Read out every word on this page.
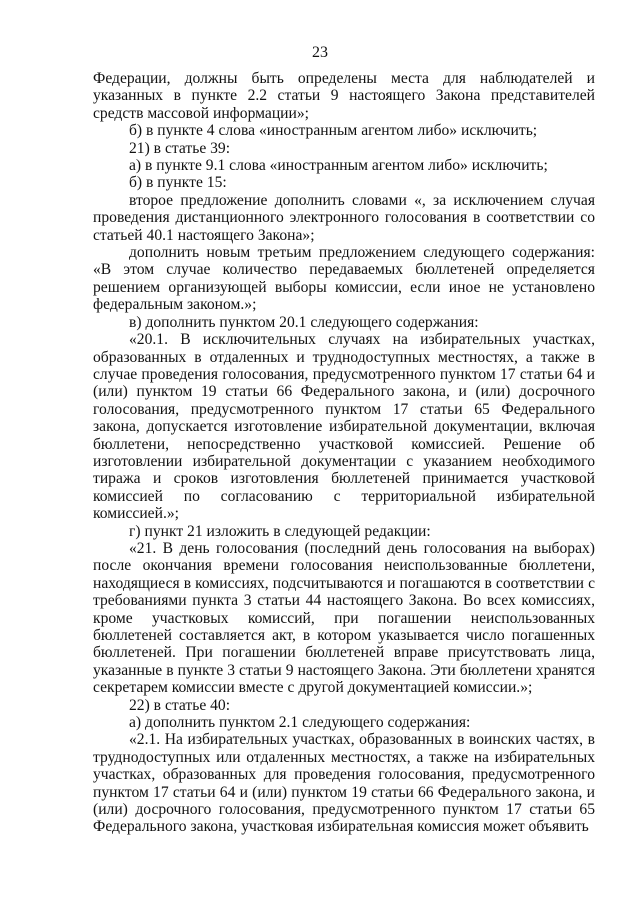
23

Федерации, должны быть определены места для наблюдателей и указанных в пункте 2.2 статьи 9 настоящего Закона представителей средств массовой информации»;

б) в пункте 4 слова «иностранным агентом либо» исключить;

21) в статье 39:

а) в пункте 9.1 слова «иностранным агентом либо» исключить;

б) в пункте 15:

второе предложение дополнить словами «, за исключением случая проведения дистанционного электронного голосования в соответствии со статьей 40.1 настоящего Закона»;

дополнить новым третьим предложением следующего содержания: «В этом случае количество передаваемых бюллетеней определяется решением организующей выборы комиссии, если иное не установлено федеральным законом.»;

в) дополнить пунктом 20.1 следующего содержания:

«20.1. В исключительных случаях на избирательных участках, образованных в отдаленных и труднодоступных местностях, а также в случае проведения голосования, предусмотренного пунктом 17 статьи 64 и (или) пунктом 19 статьи 66 Федерального закона, и (или) досрочного голосования, предусмотренного пунктом 17 статьи 65 Федерального закона, допускается изготовление избирательной документации, включая бюллетени, непосредственно участковой комиссией. Решение об изготовлении избирательной документации с указанием необходимого тиража и сроков изготовления бюллетеней принимается участковой комиссией по согласованию с территориальной избирательной комиссией.»;

г) пункт 21 изложить в следующей редакции:

«21. В день голосования (последний день голосования на выборах) после окончания времени голосования неиспользованные бюллетени, находящиеся в комиссиях, подсчитываются и погашаются в соответствии с требованиями пункта 3 статьи 44 настоящего Закона. Во всех комиссиях, кроме участковых комиссий, при погашении неиспользованных бюллетеней составляется акт, в котором указывается число погашенных бюллетеней. При погашении бюллетеней вправе присутствовать лица, указанные в пункте 3 статьи 9 настоящего Закона. Эти бюллетени хранятся секретарем комиссии вместе с другой документацией комиссии.»;

22) в статье 40:

а) дополнить пунктом 2.1 следующего содержания:

«2.1. На избирательных участках, образованных в воинских частях, в труднодоступных или отдаленных местностях, а также на избирательных участках, образованных для проведения голосования, предусмотренного пунктом 17 статьи 64 и (или) пунктом 19 статьи 66 Федерального закона, и (или) досрочного голосования, предусмотренного пунктом 17 статьи 65 Федерального закона, участковая избирательная комиссия может объявить
